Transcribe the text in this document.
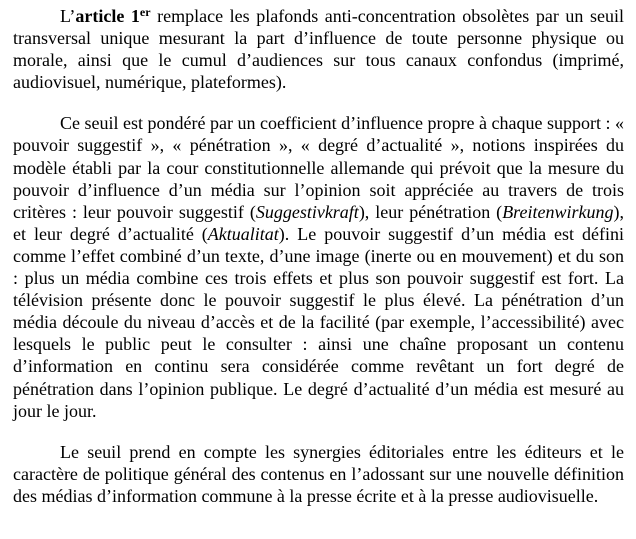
L’article 1er remplace les plafonds anti-concentration obsolètes par un seuil transversal unique mesurant la part d’influence de toute personne physique ou morale, ainsi que le cumul d’audiences sur tous canaux confondus (imprimé, audiovisuel, numérique, plateformes).

Ce seuil est pondéré par un coefficient d’influence propre à chaque support : « pouvoir suggestif », « pénétration », « degré d’actualité », notions inspirées du modèle établi par la cour constitutionnelle allemande qui prévoit que la mesure du pouvoir d’influence d’un média sur l’opinion soit appréciée au travers de trois critères : leur pouvoir suggestif (Suggestivkraft), leur pénétration (Breitenwirkung), et leur degré d’actualité (Aktualitat). Le pouvoir suggestif d’un média est défini comme l’effet combiné d’un texte, d’une image (inerte ou en mouvement) et du son : plus un média combine ces trois effets et plus son pouvoir suggestif est fort. La télévision présente donc le pouvoir suggestif le plus élevé. La pénétration d’un média découle du niveau d’accès et de la facilité (par exemple, l’accessibilité) avec lesquels le public peut le consulter : ainsi une chaîne proposant un contenu d’information en continu sera considérée comme revêtant un fort degré de pénétration dans l’opinion publique. Le degré d’actualité d’un média est mesuré au jour le jour.

Le seuil prend en compte les synergies éditoriales entre les éditeurs et le caractère de politique général des contenus en l’adossant sur une nouvelle définition des médias d’information commune à la presse écrite et à la presse audiovisuelle.
